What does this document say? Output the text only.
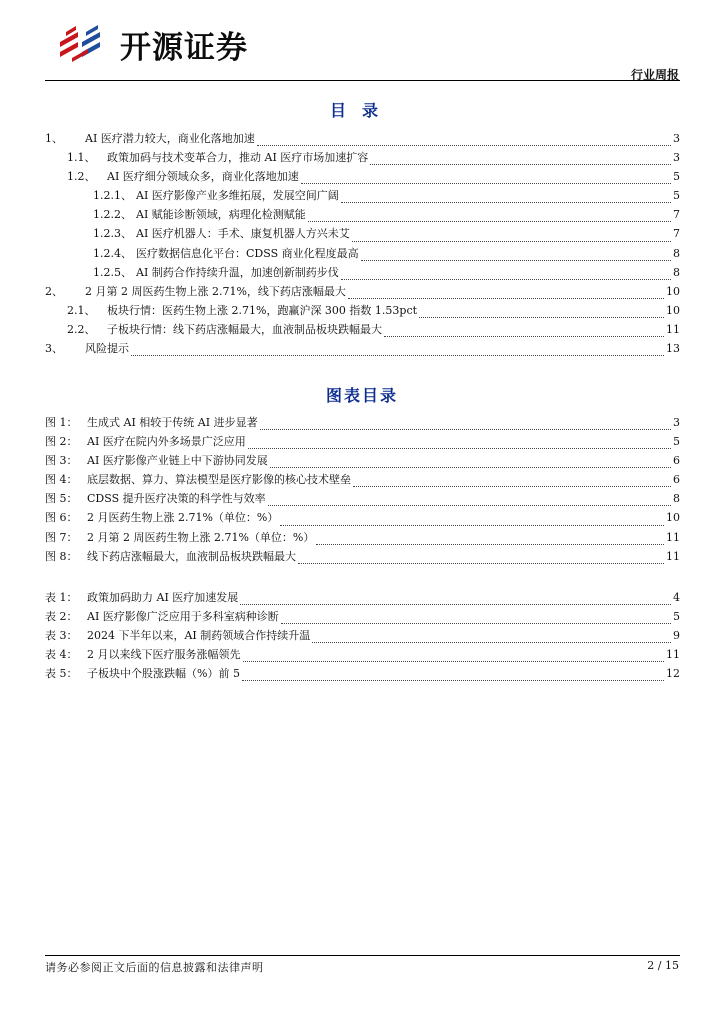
开源证券
行业周报
目录
1、	AI 医疗潜力较大，商业化落地加速	3
1.1、	政策加码与技术变革合力，推动 AI 医疗市场加速扩容	3
1.2、	AI 医疗细分领域众多，商业化落地加速	5
1.2.1、 AI 医疗影像产业多维拓展，发展空间广阔	5
1.2.2、 AI 赋能诊断领域，病理化检测赋能	7
1.2.3、 AI 医疗机器人：手术、康复机器人方兴未艾	7
1.2.4、 医疗数据信息化平台：CDSS 商业化程度最高	8
1.2.5、 AI 制药合作持续升温，加速创新制药步伐	8
2、	2 月第 2 周医药生物上涨 2.71%，线下药店涨幅最大	10
2.1、	板块行情：医药生物上涨 2.71%，跑赢沪深 300 指数 1.53pct	10
2.2、	子板块行情：线下药店涨幅最大，血液制品板块跌幅最大	11
3、	风险提示	13
图表目录
图 1： 生成式 AI 相较于传统 AI 进步显著	3
图 2： AI 医疗在院内外多场景广泛应用	5
图 3： AI 医疗影像产业链上中下游协同发展	6
图 4： 底层数据、算力、算法模型是医疗影像的核心技术壁垒	6
图 5： CDSS 提升医疗决策的科学性与效率	8
图 6： 2 月医药生物上涨 2.71%（单位：%）	10
图 7： 2 月第 2 周医药生物上涨 2.71%（单位：%）	11
图 8： 线下药店涨幅最大，血液制品板块跌幅最大	11
表 1： 政策加码助力 AI 医疗加速发展	4
表 2： AI 医疗影像广泛应用于多科室病种诊断	5
表 3： 2024 下半年以来，AI 制药领域合作持续升温	9
表 4： 2 月以来线下医疗服务涨幅领先	11
表 5： 子板块中个股涨跌幅（%）前 5	12
请务必参阅正文后面的信息披露和法律声明	2 / 15
